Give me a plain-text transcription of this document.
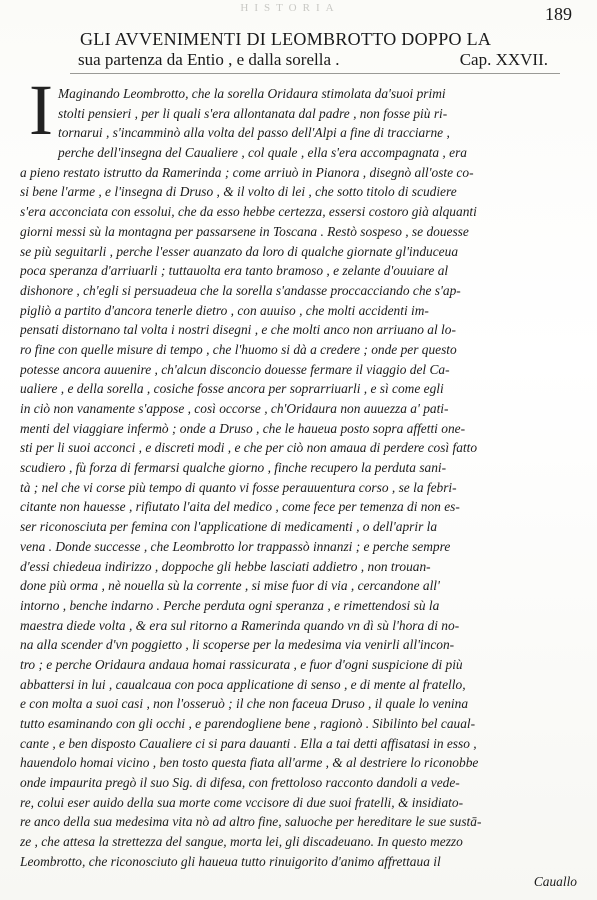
HISTORIA	189
GLI AVVENIMENTI DI LEOMBROTTO DOPPO LA
sua partenza da Entio , e dalla sorella .	Cap. XXVII.
I Maginando Leombrotto, che la sorella Oridaura stimolata da'suoi primi
stolti pensieri , per li quali s'era allontanata dal padre , non fosse più ri-
tornarui , s'incamminò alla volta del passo dell'Alpi a fine di tracciarne ,
perche dell'insegna del Caualiere , col quale , ella s'era accompagnata , era
a pieno restato istrutto da Ramerinda ; come arriuò in Pianora , disegnò all'oste co-
si bene l'arme , e l'insegna di Druso , & il volto di lei , che sotto titolo di scudiere
s'era acconciata con essolui, che da esso hebbe certezza, essersi costoro già alquanti
giorni messi sù la montagna per passarsene in Toscana . Restò sospeso , se douesse
se più seguitarli , perche l'esser auanzato da loro di qualche giornate gl'induceua
poca speranza d'arriuarli ; tuttauolta era tanto bramoso , e zelante d'ouuiare al
dishonore , ch'egli si persuadeua che la sorella s'andasse proccacciando che s'ap-
pigliò a partito d'ancora tenerle dietro , con auuiso , che molti accidenti im-
pensati distornano tal volta i nostri disegni , e che molti anco non arriuano al lo-
ro fine con quelle misure di tempo , che l'huomo si dà a credere ; onde per questo
potesse ancora auuenire , ch'alcun disconcio douesse fermare il viaggio del Ca-
ualiere , e della sorella , cosiche fosse ancora per soprarriuarli , e sì come egli
in ciò non vanamente s'appose , così occorse , ch'Oridaura non auuezza a' pati-
menti del viaggiare infermò ; onde a Druso , che le haueua posto sopra affetti one-
sti per li suoi acconci , e discreti modi , e che per ciò non amaua di perdere così fatto
scudiero , fù forza di fermarsi qualche giorno , finche recupero la perduta sani-
tà ; nel che vi corse più tempo di quanto vi fosse perauuentura corso , se la febri-
citante non hauesse , rifiutato l'aita del medico , come fece per temenza di non es-
ser riconosciuta per femina con l'applicatione di medicamenti , o dell'aprir la
vena . Donde successe , che Leombrotto lor trappassò innanzi ; e perche sempre
d'essi chiedeua indirizzo , doppoche gli hebbe lasciati addietro , non trouan-
done più orma , nè nouella sù la corrente , si mise fuor di via , cercandone all'
intorno , benche indarno . Perche perduta ogni speranza , e rimettendosi sù la
maestra diede volta , & era sul ritorno a Ramerinda quando vn dì sù l'hora di no-
na alla scender d'vn poggietto , li scoperse per la medesima via venirli all'incon-
tro ; e perche Oridaura andaua homai rassicurata , e fuor d'ogni suspicione di più
abbattersi in lui , caualcaua con poca applicatione di senso , e di mente al fratello,
e con molta a suoi casi , non l'osseruò ; il che non faceua Druso , il quale lo venina
tutto esaminando con gli occhi , e parendogliene bene , ragionò . Sibilinto bel caual-
cante , e ben disposto Caualiere ci si para dauanti . Ella a tai detti affisatasi in esso ,
hauendolo homai vicino , ben tosto questa fiata all'arme , & al destriere lo riconobbe
onde impaurita pregò il suo Sig. di difesa, con frettoloso racconto dandoli a vede-
re, colui eser auido della sua morte come vccisore di due suoi fratelli, & insidiato-
re anco della sua medesima vita nò ad altro fine, saluoche per hereditare le sue sustā-
ze , che attesa la strettezza del sangue, morta lei, gli discadeuano. In questo mezzo
Leombrotto, che riconosciuto gli haueua tutto rinuigorito d'animo affrettaua il
Cauallo
